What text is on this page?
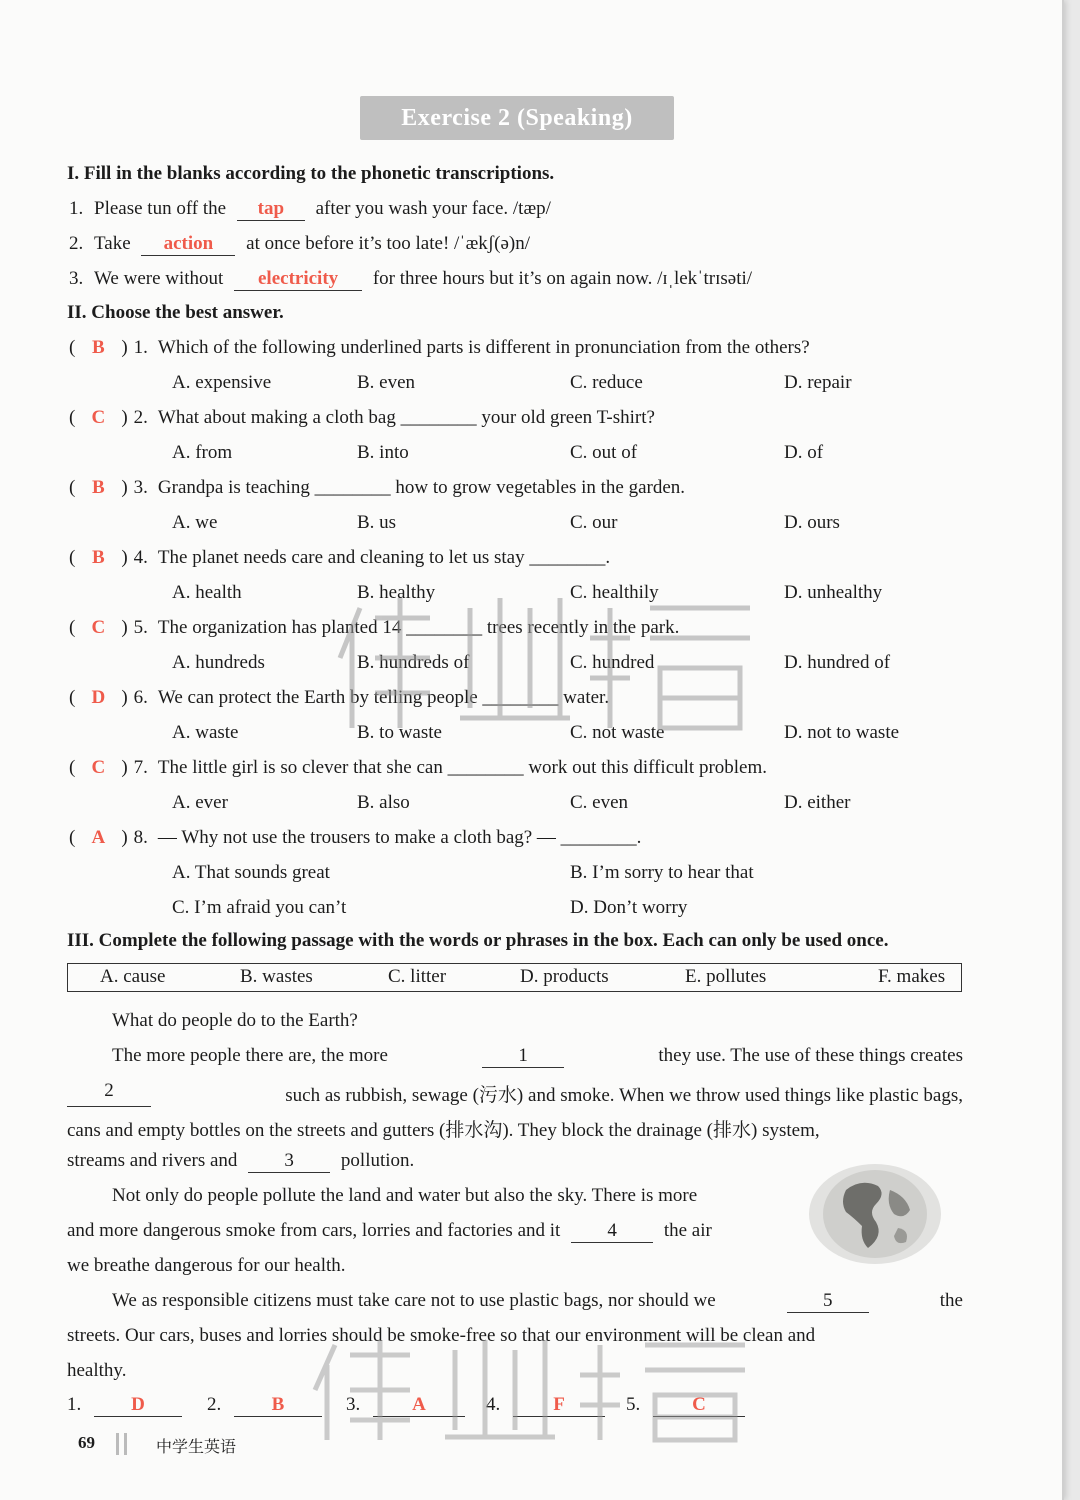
Exercise 2 (Speaking)
I. Fill in the blanks according to the phonetic transcriptions.
1. Please tun off the tap after you wash your face. /tæp/
2. Take action at once before it’s too late! /ˈækʃ(ə)n/
3. We were without electricity for three hours but it’s on again now. /ɪˌlekˈtrɪsəti/
II. Choose the best answer.
( B ) 1. Which of the following underlined parts is different in pronunciation from the others?
A. expensive	B. even	C. reduce	D. repair
( C ) 2. What about making a cloth bag ________ your old green T-shirt?
A. from	B. into	C. out of	D. of
( B ) 3. Grandpa is teaching ________ how to grow vegetables in the garden.
A. we	B. us	C. our	D. ours
( B ) 4. The planet needs care and cleaning to let us stay ________.
A. health	B. healthy	C. healthily	D. unhealthy
( C ) 5. The organization has planted 14 ________ trees recently in the park.
A. hundreds	B. hundreds of	C. hundred	D. hundred of
( D ) 6. We can protect the Earth by telling people ________ water.
A. waste	B. to waste	C. not waste	D. not to waste
( C ) 7. The little girl is so clever that she can ________ work out this difficult problem.
A. ever	B. also	C. even	D. either
( A ) 8. — Why not use the trousers to make a cloth bag? — ________.
A. That sounds great	B. I’m sorry to hear that
C. I’m afraid you can’t	D. Don’t worry
III. Complete the following passage with the words or phrases in the box. Each can only be used once.
A. cause	B. wastes	C. litter	D. products	E. pollutes	F. makes
What do people do to the Earth?
The more people there are, the more	1	they use. The use of these things creates
2	such as rubbish, sewage (污水) and smoke. When we throw used things like plastic bags,
cans and empty bottles on the streets and gutters (排水沟). They block the drainage (排水) system,
streams and rivers and 3 pollution.
Not only do people pollute the land and water but also the sky. There is more
and more dangerous smoke from cars, lorries and factories and it 4 the air
we breathe dangerous for our health.
We as responsible citizens must take care not to use plastic bags, nor should we	5	the
streets. Our cars, buses and lorries should be smoke-free so that our environment will be clean and
healthy.
1.	D	2.	B	3.	A	4.	F	5.	C
69	中学生英语
